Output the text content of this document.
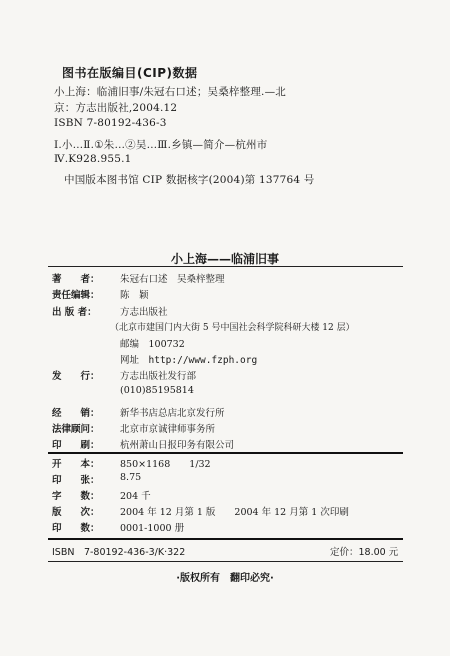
图书在版编目(CIP)数据
小上海：临浦旧事/朱冠右口述；吴桑梓整理.—北
京：方志出版社,2004.12
ISBN 7-80192-436-3
Ⅰ.小…Ⅱ.①朱…②吴…Ⅲ.乡镇—简介—杭州市
Ⅳ.K928.955.1
中国版本图书馆 CIP 数据核字(2004)第 137764 号
小上海——临浦旧事
著　　者： 朱冠右口述　吴桑梓整理
责任编辑： 陈　颖
出 版 者： 方志出版社
（北京市建国门内大街 5 号中国社会科学院科研大楼 12 层）
邮编　100732
网址　http://www.fzph.org
发　　行： 方志出版社发行部
(010)85195814
经　　销： 新华书店总店北京发行所
法律顾问： 北京市京诚律师事务所
印　　刷： 杭州萧山日报印务有限公司
开　　本： 850×1168　　1/32
印　　张： 8.75
字　　数： 204 千
版　　次： 2004 年 12 月第 1 版　　2004 年 12 月第 1 次印刷
印　　数： 0001-1000 册
ISBN　7-80192-436-3/K·322	定价：18.00 元
·版权所有　翻印必究·
